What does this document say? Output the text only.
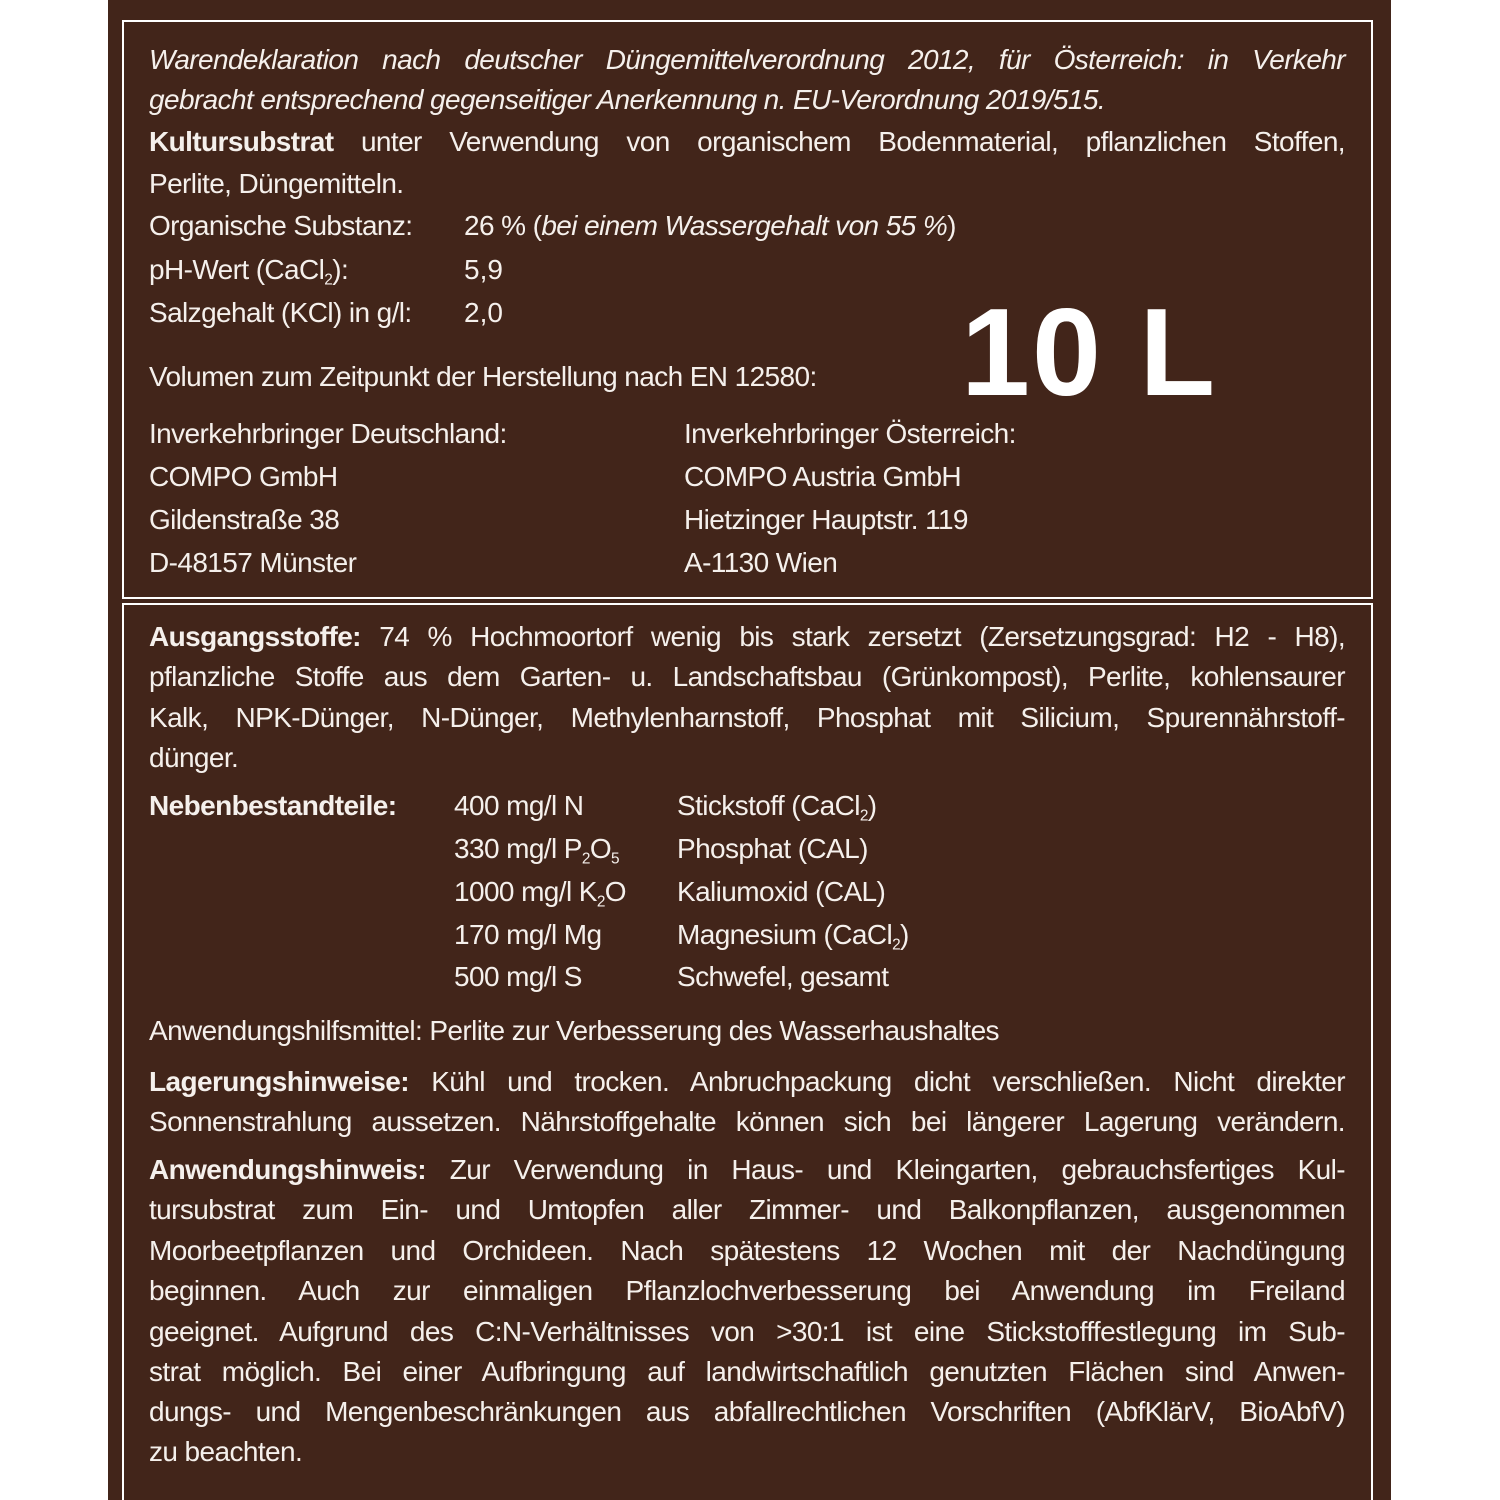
Warendeklaration nach deutscher Düngemittelverordnung 2012, für Österreich: in Verkehr
gebracht entsprechend gegenseitiger Anerkennung n. EU-Verordnung 2019/515.
Kultursubstrat unter Verwendung von organischem Bodenmaterial, pflanzlichen Stoffen,
Perlite, Düngemitteln.
Organische Substanz: 26 % (bei einem Wassergehalt von 55 %)
pH-Wert (CaCl$_2$):	5,9
Salzgehalt (KCl) in g/l: 2,0
Volumen zum Zeitpunkt der Herstellung nach EN 12580: 10 L
Inverkehrbringer Deutschland:
COMPO GmbH
Gildenstraße 38
D-48157 Münster
Inverkehrbringer Österreich:
COMPO Austria GmbH
Hietzinger Hauptstr. 119
A-1130 Wien
Ausgangsstoffe: 74 % Hochmoortorf wenig bis stark zersetzt (Zersetzungsgrad: H2 - H8),
pflanzliche Stoffe aus dem Garten- u. Landschaftsbau (Grünkompost), Perlite, kohlensaurer
Kalk, NPK-Dünger, N-Dünger, Methylenharnstoff, Phosphat mit Silicium, Spurennährstoff-
dünger.
Nebenbestandteile: 400 mg/l N	Stickstoff (CaCl$_2$)
330 mg/l $P_2O_5$ Phosphat (CAL)
1000 mg/l $K_2O$ Kaliumoxid (CAL)
170 mg/l Mg	Magnesium (CaCl$_2$)
500 mg/l S	Schwefel, gesamt
Anwendungshilfsmittel: Perlite zur Verbesserung des Wasserhaushaltes
Lagerungshinweise: Kühl und trocken. Anbruchpackung dicht verschließen. Nicht direkter
Sonnenstrahlung aussetzen. Nährstoffgehalte können sich bei längerer Lagerung verändern.
Anwendungshinweis: Zur Verwendung in Haus- und Kleingarten, gebrauchsfertiges Kul-
tursubstrat zum Ein- und Umtopfen aller Zimmer- und Balkonpflanzen, ausgenommen
Moorbeetpflanzen und Orchideen. Nach spätestens 12 Wochen mit der Nachdüngung
beginnen. Auch zur einmaligen Pflanzlochverbesserung bei Anwendung im Freiland
geeignet. Aufgrund des C:N-Verhältnisses von >30:1 ist eine Stickstofffestlegung im Sub-
strat möglich. Bei einer Aufbringung auf landwirtschaftlich genutzten Flächen sind Anwen-
dungs- und Mengenbeschränkungen aus abfallrechtlichen Vorschriften (AbfKlärV, BioAbfV)
zu beachten.
